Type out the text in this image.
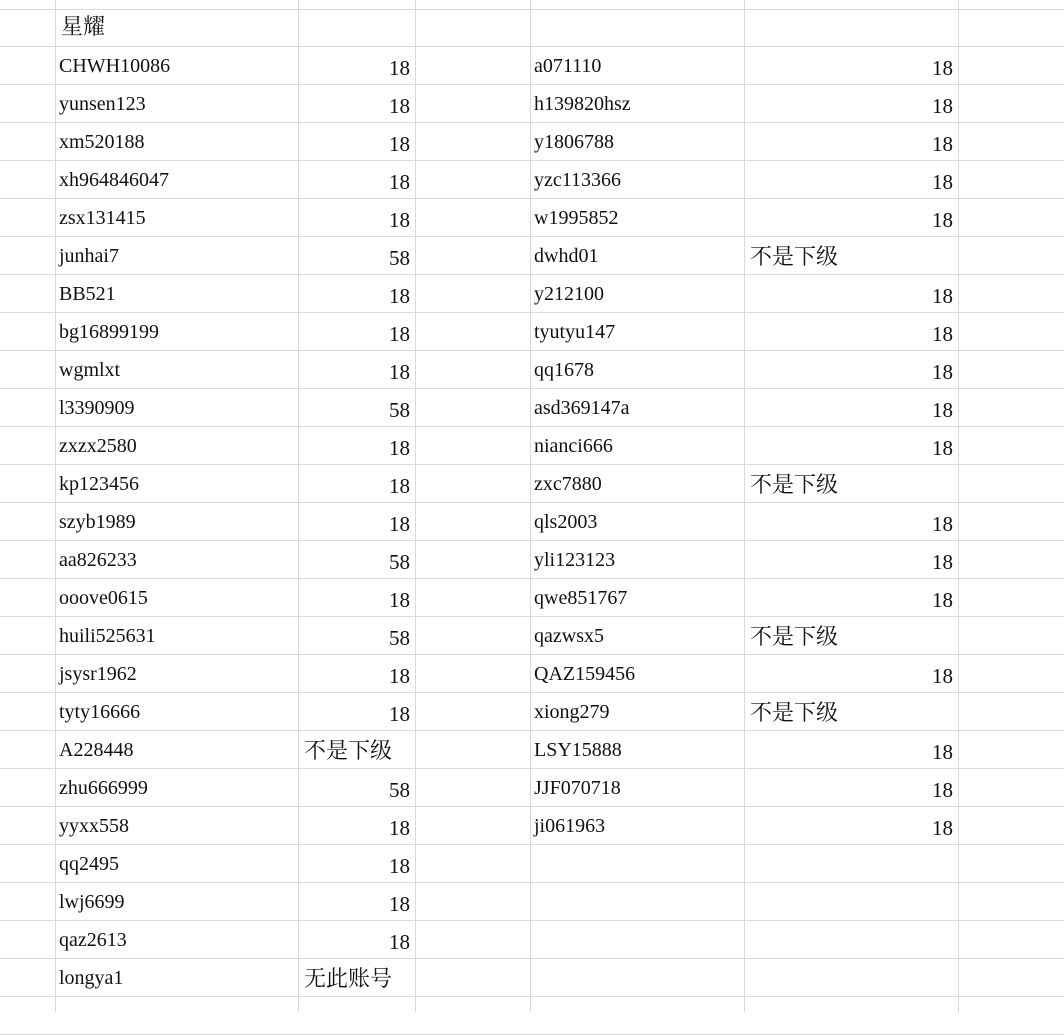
星耀
CHWH10086	18	a071110	18
yunsen123	18	h139820hsz	18
xm520188	18	y1806788	18
xh964846047	18	yzc113366	18
zsx131415	18	w1995852	18
junhai7	58	dwhd01	不是下级
BB521	18	y212100	18
bg16899199	18	tyutyu147	18
wgmlxt	18	qq1678	18
l3390909	58	asd369147a	18
zxzx2580	18	nianci666	18
kp123456	18	zxc7880	不是下级
szyb1989	18	qls2003	18
aa826233	58	yli123123	18
ooove0615	18	qwe851767	18
huili525631	58	qazwsx5	不是下级
jsysr1962	18	QAZ159456	18
tyty16666	18	xiong279	不是下级
A228448	不是下级	LSY15888	18
zhu666999	58	JJF070718	18
yyxx558	18	ji061963	18
qq2495	18
lwj6699	18
qaz2613	18
longya1	无此账号
